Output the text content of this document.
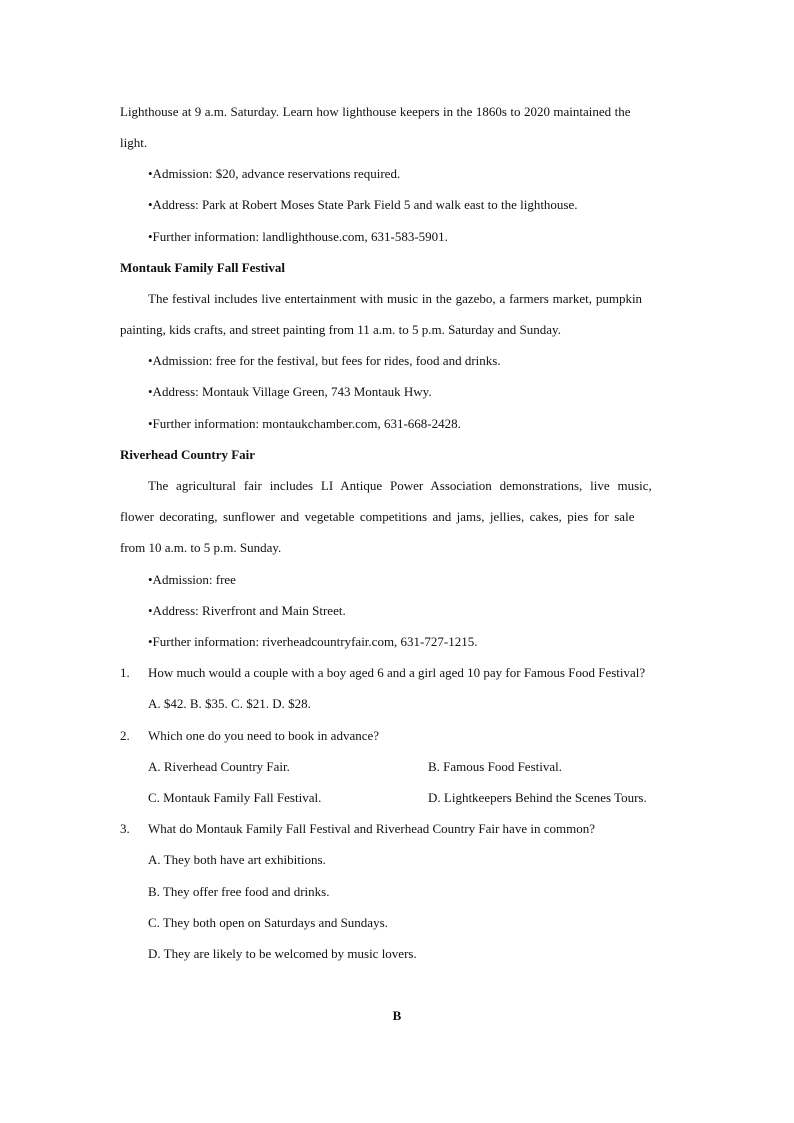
Lighthouse at 9 a.m. Saturday. Learn how lighthouse keepers in the 1860s to 2020 maintained the
light.
•Admission: $20, advance reservations required.
•Address: Park at Robert Moses State Park Field 5 and walk east to the lighthouse.
•Further information: landlighthouse.com, 631-583-5901.
Montauk Family Fall Festival
The festival includes live entertainment with music in the gazebo, a farmers market, pumpkin
painting, kids crafts, and street painting from 11 a.m. to 5 p.m. Saturday and Sunday.
•Admission: free for the festival, but fees for rides, food and drinks.
•Address: Montauk Village Green, 743 Montauk Hwy.
•Further information: montaukchamber.com, 631-668-2428.
Riverhead Country Fair
The agricultural fair includes LI Antique Power Association demonstrations, live music,
flower decorating, sunflower and vegetable competitions and jams, jellies, cakes, pies for sale
from 10 a.m. to 5 p.m. Sunday.
•Admission: free
•Address: Riverfront and Main Street.
•Further information: riverheadcountryfair.com, 631-727-1215.
1. How much would a couple with a boy aged 6 and a girl aged 10 pay for Famous Food Festival?
A. $42. B. $35. C. $21. D. $28.
2. Which one do you need to book in advance?
A. Riverhead Country Fair.	B. Famous Food Festival.
C. Montauk Family Fall Festival.	D. Lightkeepers Behind the Scenes Tours.
3. What do Montauk Family Fall Festival and Riverhead Country Fair have in common?
A. They both have art exhibitions.
B. They offer free food and drinks.
C. They both open on Saturdays and Sundays.
D. They are likely to be welcomed by music lovers.
B
